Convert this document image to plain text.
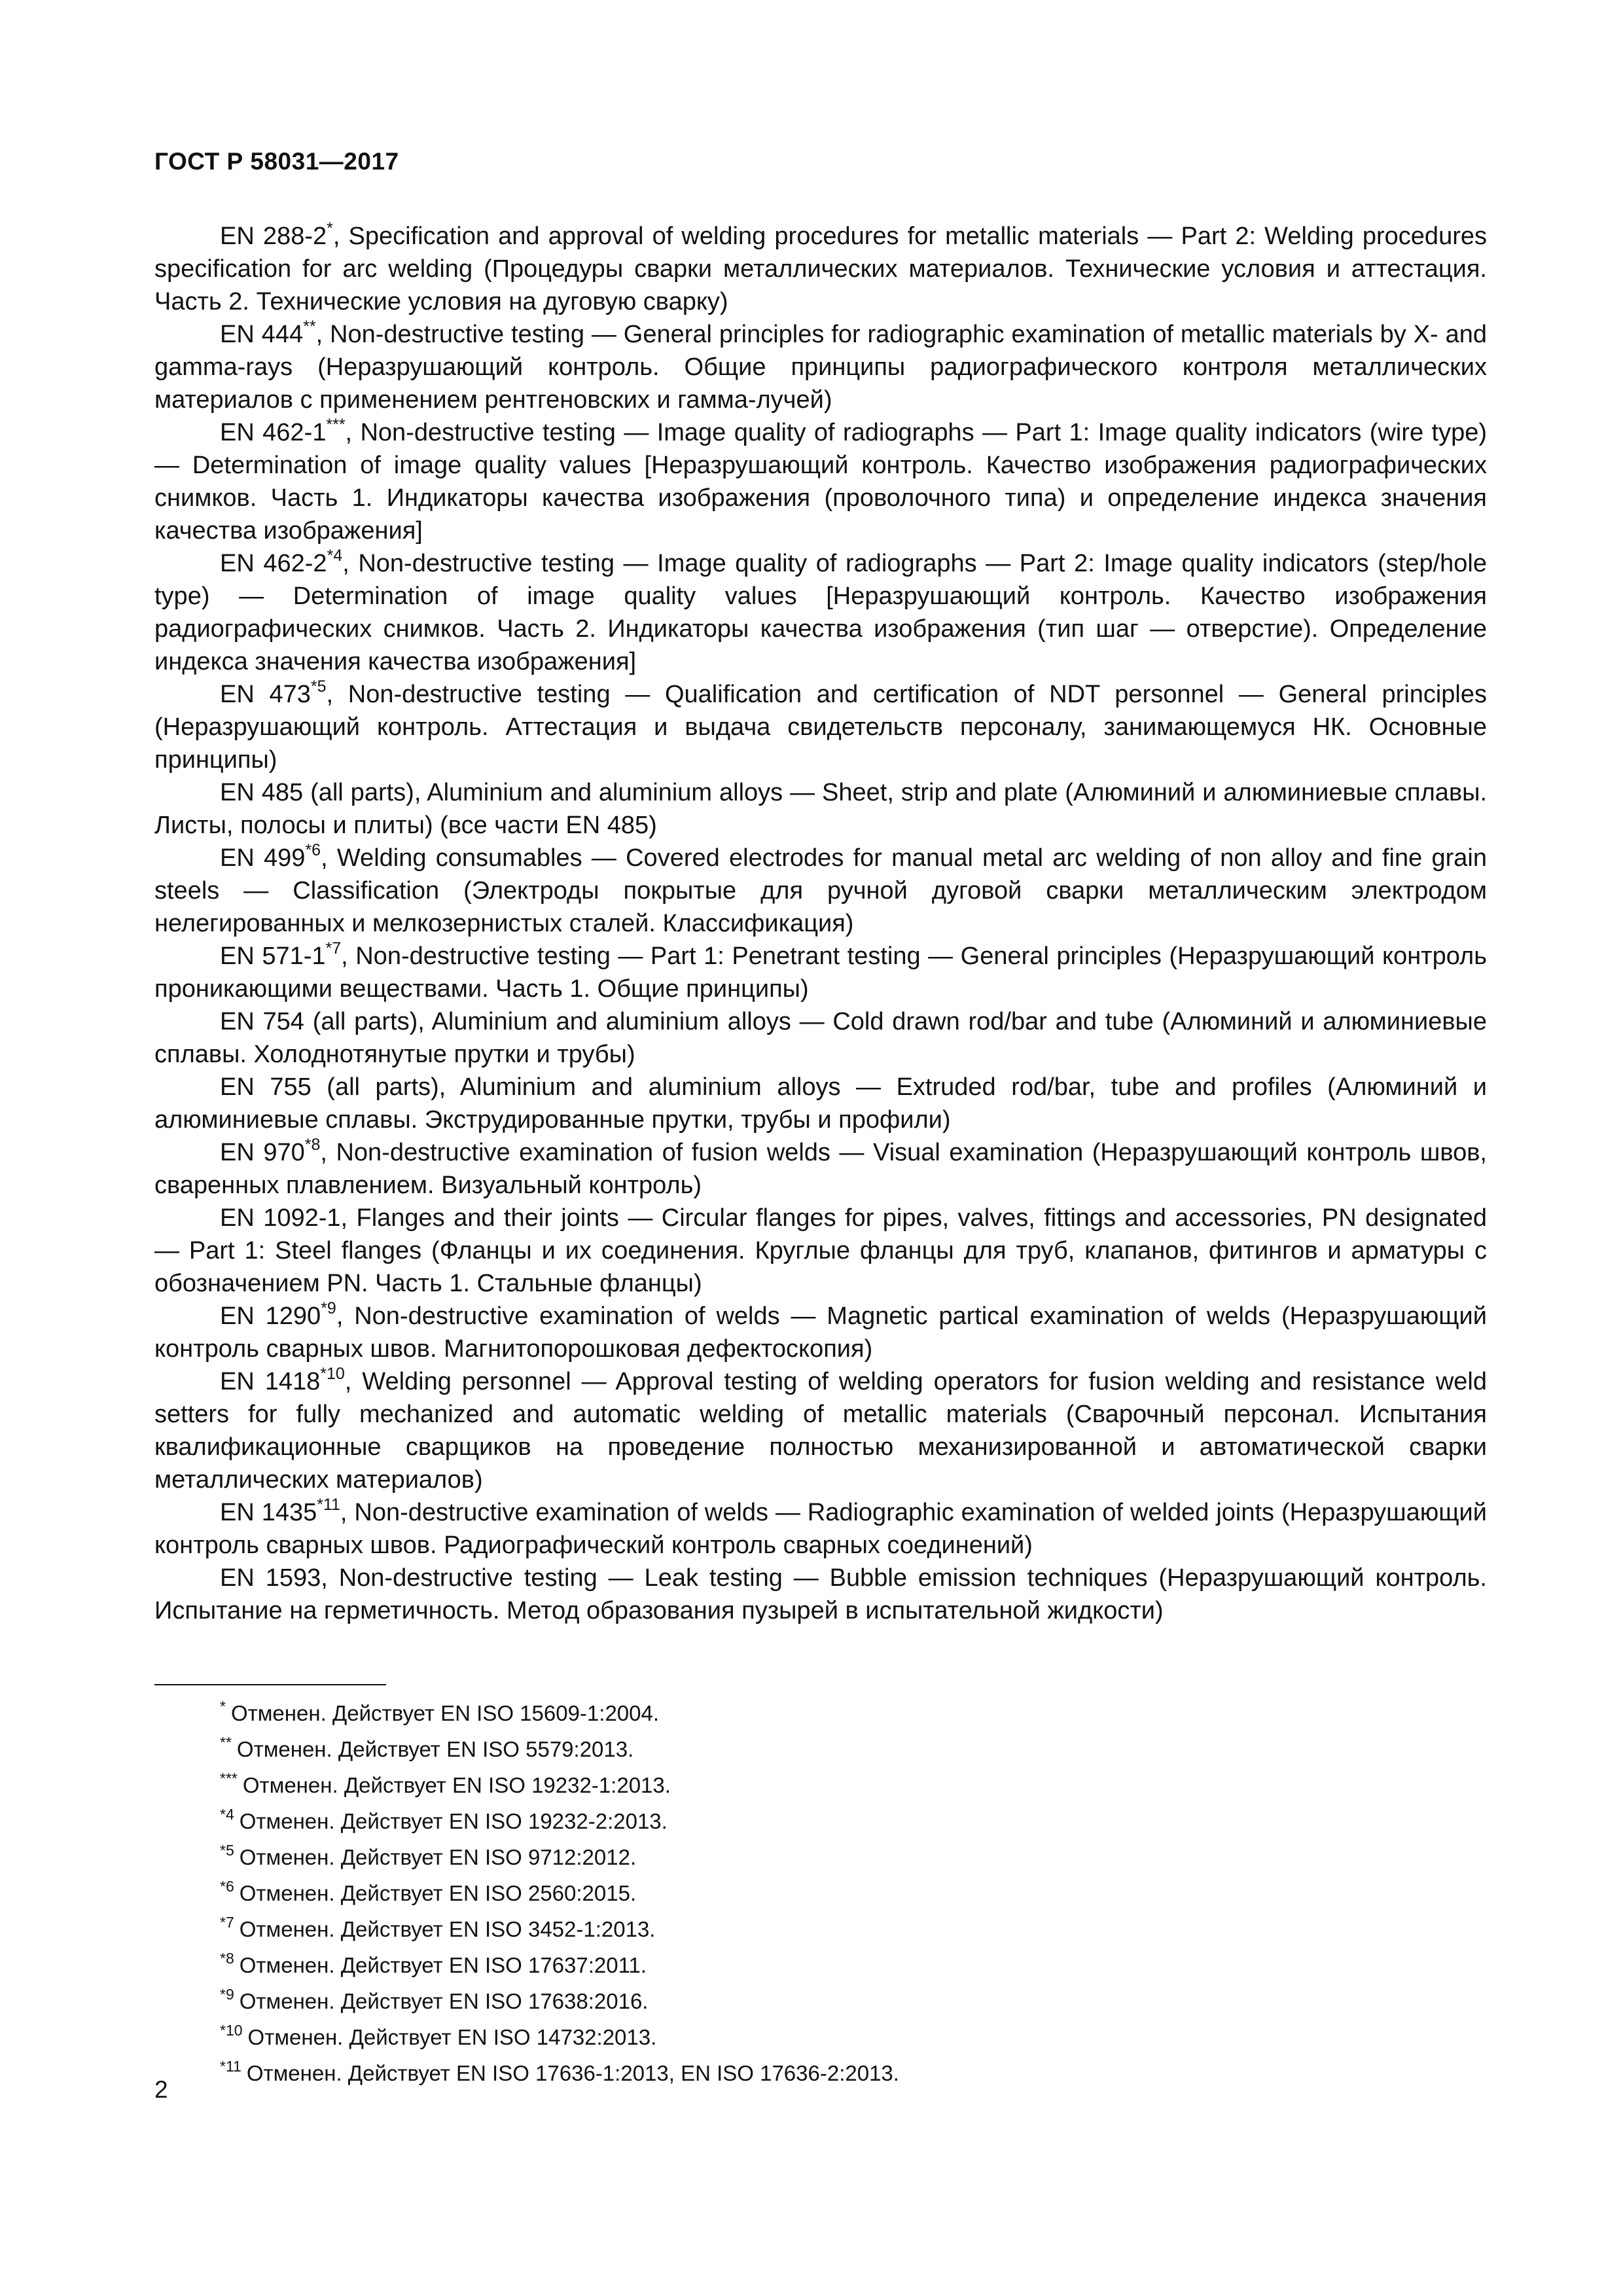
ГОСТ Р 58031—2017

EN 288-2*, Specification and approval of welding procedures for metallic materials — Part 2: Welding procedures specification for arc welding (Процедуры сварки металлических материалов. Технические условия и аттестация. Часть 2. Технические условия на дуговую сварку)

EN 444**, Non-destructive testing — General principles for radiographic examination of metallic materials by X- and gamma-rays (Неразрушающий контроль. Общие принципы радиографического контроля металлических материалов с применением рентгеновских и гамма-лучей)

EN 462-1***, Non-destructive testing — Image quality of radiographs — Part 1: Image quality indicators (wire type) — Determination of image quality values [Неразрушающий контроль. Качество изображения радиографических снимков. Часть 1. Индикаторы качества изображения (проволочного типа) и определение индекса значения качества изображения]

EN 462-2$^{*4}$, Non-destructive testing — Image quality of radiographs — Part 2: Image quality indicators (step/hole type) — Determination of image quality values [Неразрушающий контроль. Качество изображения радиографических снимков. Часть 2. Индикаторы качества изображения (тип шаг — отверстие). Определение индекса значения качества изображения]

EN 473$^{*5}$, Non-destructive testing — Qualification and certification of NDT personnel — General principles (Неразрушающий контроль. Аттестация и выдача свидетельств персоналу, занимающемуся НК. Основные принципы)

EN 485 (all parts), Aluminium and aluminium alloys — Sheet, strip and plate (Алюминий и алюминиевые сплавы. Листы, полосы и плиты) (все части EN 485)

EN 499$^{*6}$, Welding consumables — Covered electrodes for manual metal arc welding of non alloy and fine grain steels — Classification (Электроды покрытые для ручной дуговой сварки металлическим электродом нелегированных и мелкозернистых сталей. Классификация)

EN 571-1$^{*7}$, Non-destructive testing — Part 1: Penetrant testing — General principles (Неразрушающий контроль проникающими веществами. Часть 1. Общие принципы)

EN 754 (all parts), Aluminium and aluminium alloys — Cold drawn rod/bar and tube (Алюминий и алюминиевые сплавы. Холоднотянутые прутки и трубы)

EN 755 (all parts), Aluminium and aluminium alloys — Extruded rod/bar, tube and profiles (Алюминий и алюминиевые сплавы. Экструдированные прутки, трубы и профили)

EN 970$^{*8}$, Non-destructive examination of fusion welds — Visual examination (Неразрушающий контроль швов, сваренных плавлением. Визуальный контроль)

EN 1092-1, Flanges and their joints — Circular flanges for pipes, valves, fittings and accessories, PN designated — Part 1: Steel flanges (Фланцы и их соединения. Круглые фланцы для труб, клапанов, фитингов и арматуры с обозначением PN. Часть 1. Стальные фланцы)

EN 1290$^{*9}$, Non-destructive examination of welds — Magnetic partical examination of welds (Неразрушающий контроль сварных швов. Магнитопорошковая дефектоскопия)

EN 1418$^{*10}$, Welding personnel — Approval testing of welding operators for fusion welding and resistance weld setters for fully mechanized and automatic welding of metallic materials (Сварочный персонал. Испытания квалификационные сварщиков на проведение полностью механизированной и автоматической сварки металлических материалов)

EN 1435$^{*11}$, Non-destructive examination of welds — Radiographic examination of welded joints (Неразрушающий контроль сварных швов. Радиографический контроль сварных соединений)

EN 1593, Non-destructive testing — Leak testing — Bubble emission techniques (Неразрушающий контроль. Испытание на герметичность. Метод образования пузырей в испытательной жидкости)

* Отменен. Действует EN ISO 15609-1:2004.

** Отменен. Действует EN ISO 5579:2013.

*** Отменен. Действует EN ISO 19232-1:2013.

$^{*4}$ Отменен. Действует EN ISO 19232-2:2013.

$^{*5}$ Отменен. Действует EN ISO 9712:2012.

$^{*6}$ Отменен. Действует EN ISO 2560:2015.

$^{*7}$ Отменен. Действует EN ISO 3452-1:2013.

$^{*8}$ Отменен. Действует EN ISO 17637:2011.

$^{*9}$ Отменен. Действует EN ISO 17638:2016.

$^{*10}$ Отменен. Действует EN ISO 14732:2013.

$^{*11}$ Отменен. Действует EN ISO 17636-1:2013, EN ISO 17636-2:2013.

2
